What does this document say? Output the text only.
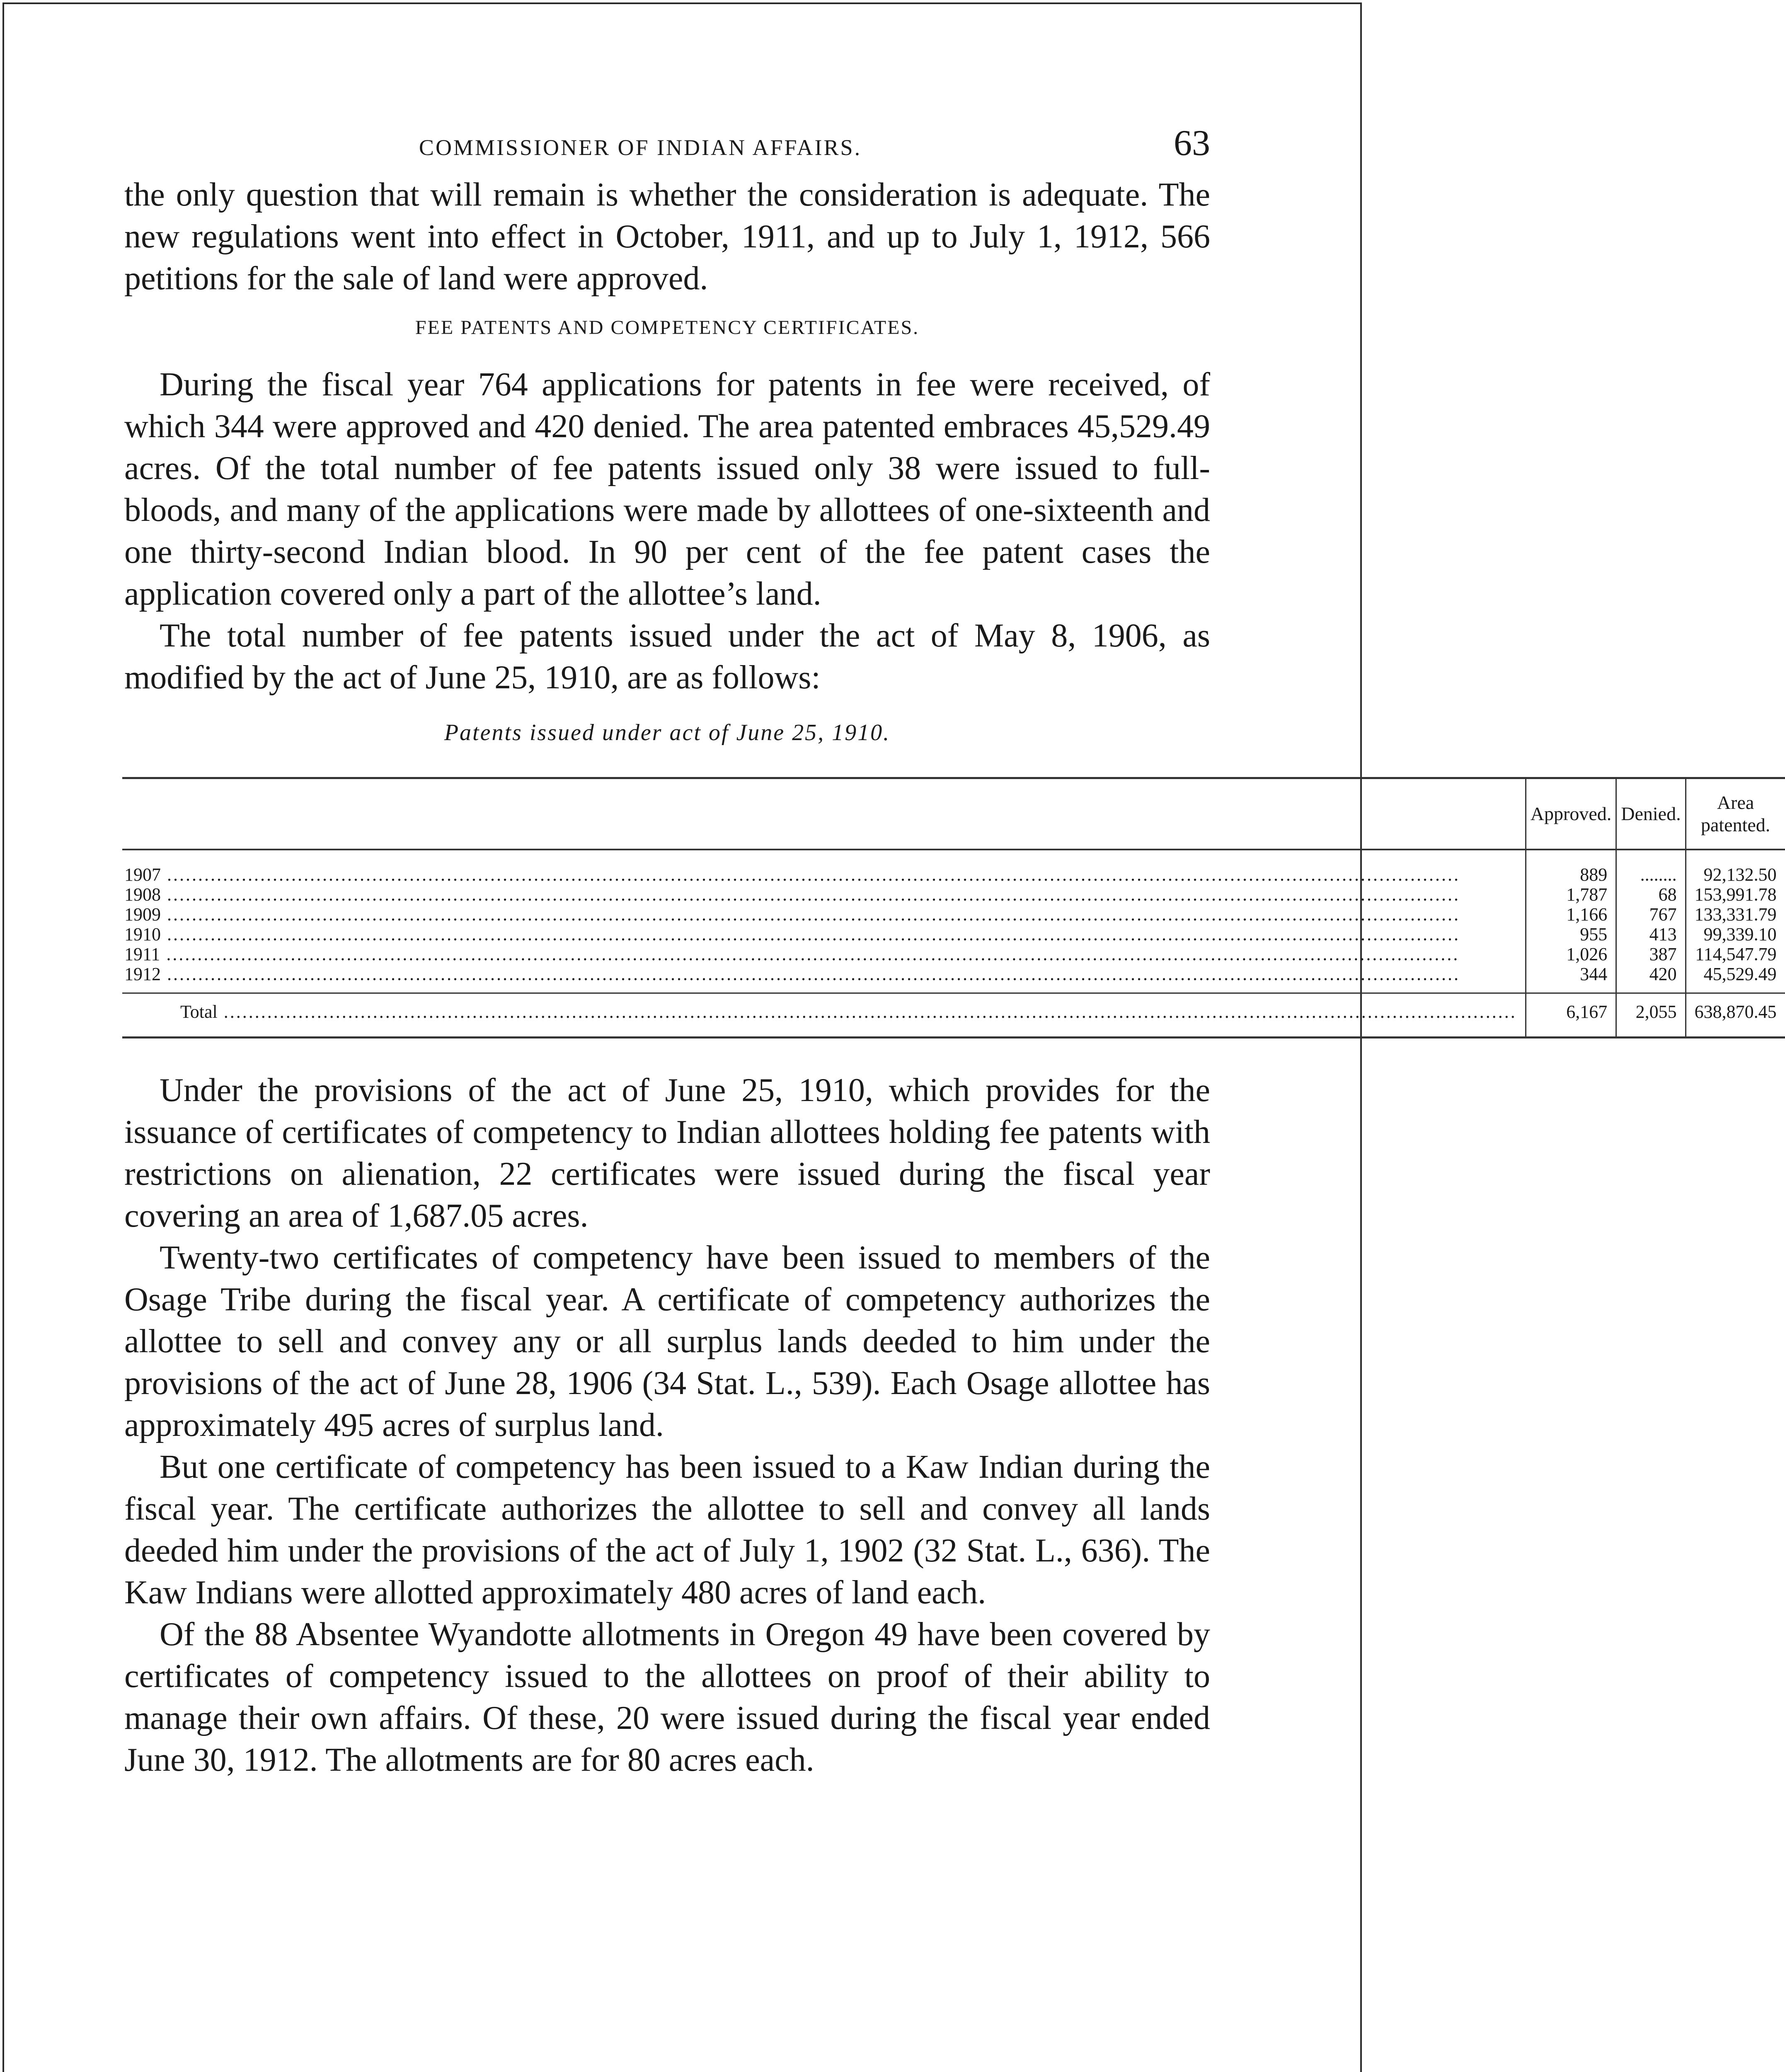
COMMISSIONER OF INDIAN AFFAIRS.	63

the only question that will remain is whether the consideration is adequate. The new regulations went into effect in October, 1911, and up to July 1, 1912, 566 petitions for the sale of land were approved.

FEE PATENTS AND COMPETENCY CERTIFICATES.

During the fiscal year 764 applications for patents in fee were received, of which 344 were approved and 420 denied. The area patented embraces 45,529.49 acres. Of the total number of fee patents issued only 38 were issued to full-bloods, and many of the applications were made by allottees of one-sixteenth and one thirty-second Indian blood. In 90 per cent of the fee patent cases the application covered only a part of the allottee’s land.

The total number of fee patents issued under the act of May 8, 1906, as modified by the act of June 25, 1910, are as follows:

Patents issued under act of June 25, 1910.
	Approved.	Denied.	Area patented.
1907 .....	889	........	92,132.50
1908 .....	1,787	68	153,991.78
1909 .....	1,166	767	133,331.79
1910 .....	955	413	99,339.10
1911 .....	1,026	387	114,547.79
1912 .....	344	420	45,529.49
Total .....	6,167	2,055	638,870.45

Under the provisions of the act of June 25, 1910, which provides for the issuance of certificates of competency to Indian allottees holding fee patents with restrictions on alienation, 22 certificates were issued during the fiscal year covering an area of 1,687.05 acres.

Twenty-two certificates of competency have been issued to members of the Osage Tribe during the fiscal year. A certificate of competency authorizes the allottee to sell and convey any or all surplus lands deeded to him under the provisions of the act of June 28, 1906 (34 Stat. L., 539). Each Osage allottee has approximately 495 acres of surplus land.

But one certificate of competency has been issued to a Kaw Indian during the fiscal year. The certificate authorizes the allottee to sell and convey all lands deeded him under the provisions of the act of July 1, 1902 (32 Stat. L., 636). The Kaw Indians were allotted approximately 480 acres of land each.

Of the 88 Absentee Wyandotte allotments in Oregon 49 have been covered by certificates of competency issued to the allottees on proof of their ability to manage their own affairs. Of these, 20 were issued during the fiscal year ended June 30, 1912. The allotments are for 80 acres each.
